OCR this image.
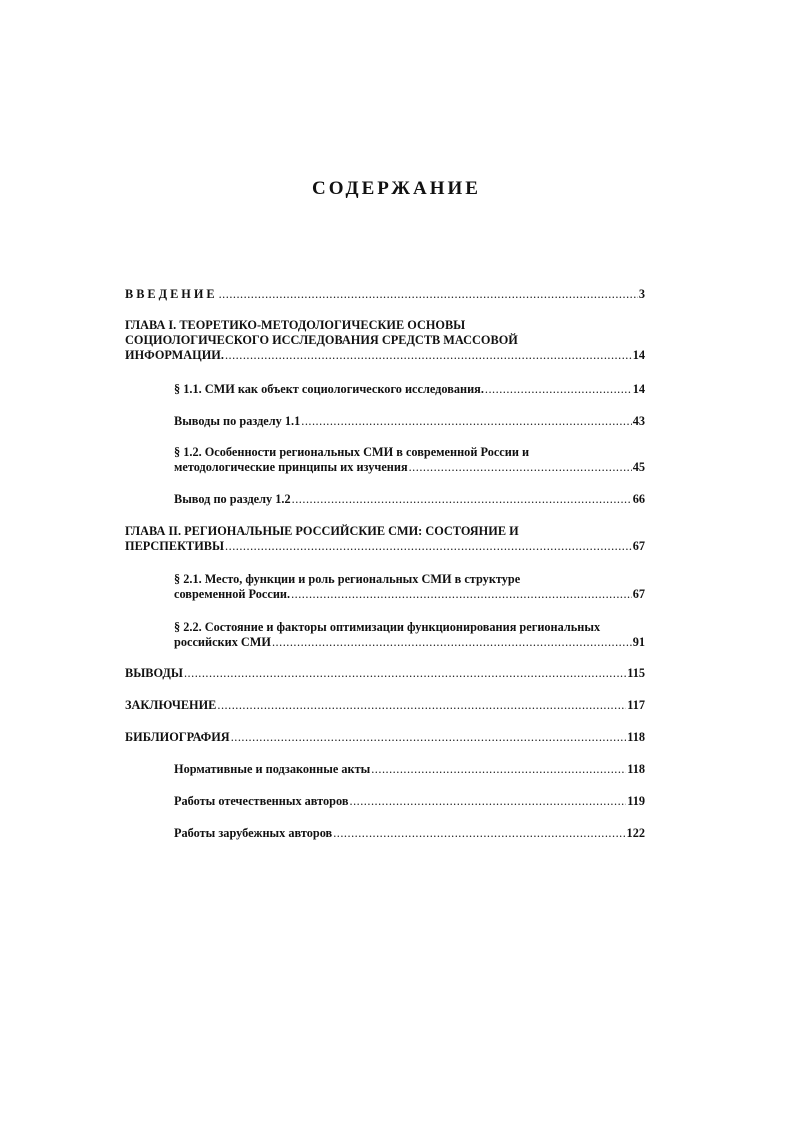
СОДЕРЖАНИЕ
ВВЕДЕНИЕ .....	3
ГЛАВА I. ТЕОРЕТИКО-МЕТОДОЛОГИЧЕСКИЕ ОСНОВЫ
СОЦИОЛОГИЧЕСКОГО ИССЛЕДОВАНИЯ СРЕДСТВ МАССОВОЙ
ИНФОРМАЦИИ. .....	14
§ 1.1. СМИ как объект социологического исследования. .....	14
Выводы по разделу 1.1 .....	43
§ 1.2. Особенности региональных СМИ в современной России и
методологические принципы их изучения .....	45
Вывод по разделу 1.2 .....	66
ГЛАВА II. РЕГИОНАЛЬНЫЕ РОССИЙСКИЕ СМИ: СОСТОЯНИЕ И
ПЕРСПЕКТИВЫ .....	67
§ 2.1. Место, функции и роль региональных СМИ в структуре
современной России. .....	67
§ 2.2. Состояние и факторы оптимизации функционирования региональных
российских СМИ .....	91
ВЫВОДЫ .....	115
ЗАКЛЮЧЕНИЕ .....	117
БИБЛИОГРАФИЯ .....	118
Нормативные и подзаконные акты .....	118
Работы отечественных авторов .....	119
Работы зарубежных авторов .....	122
